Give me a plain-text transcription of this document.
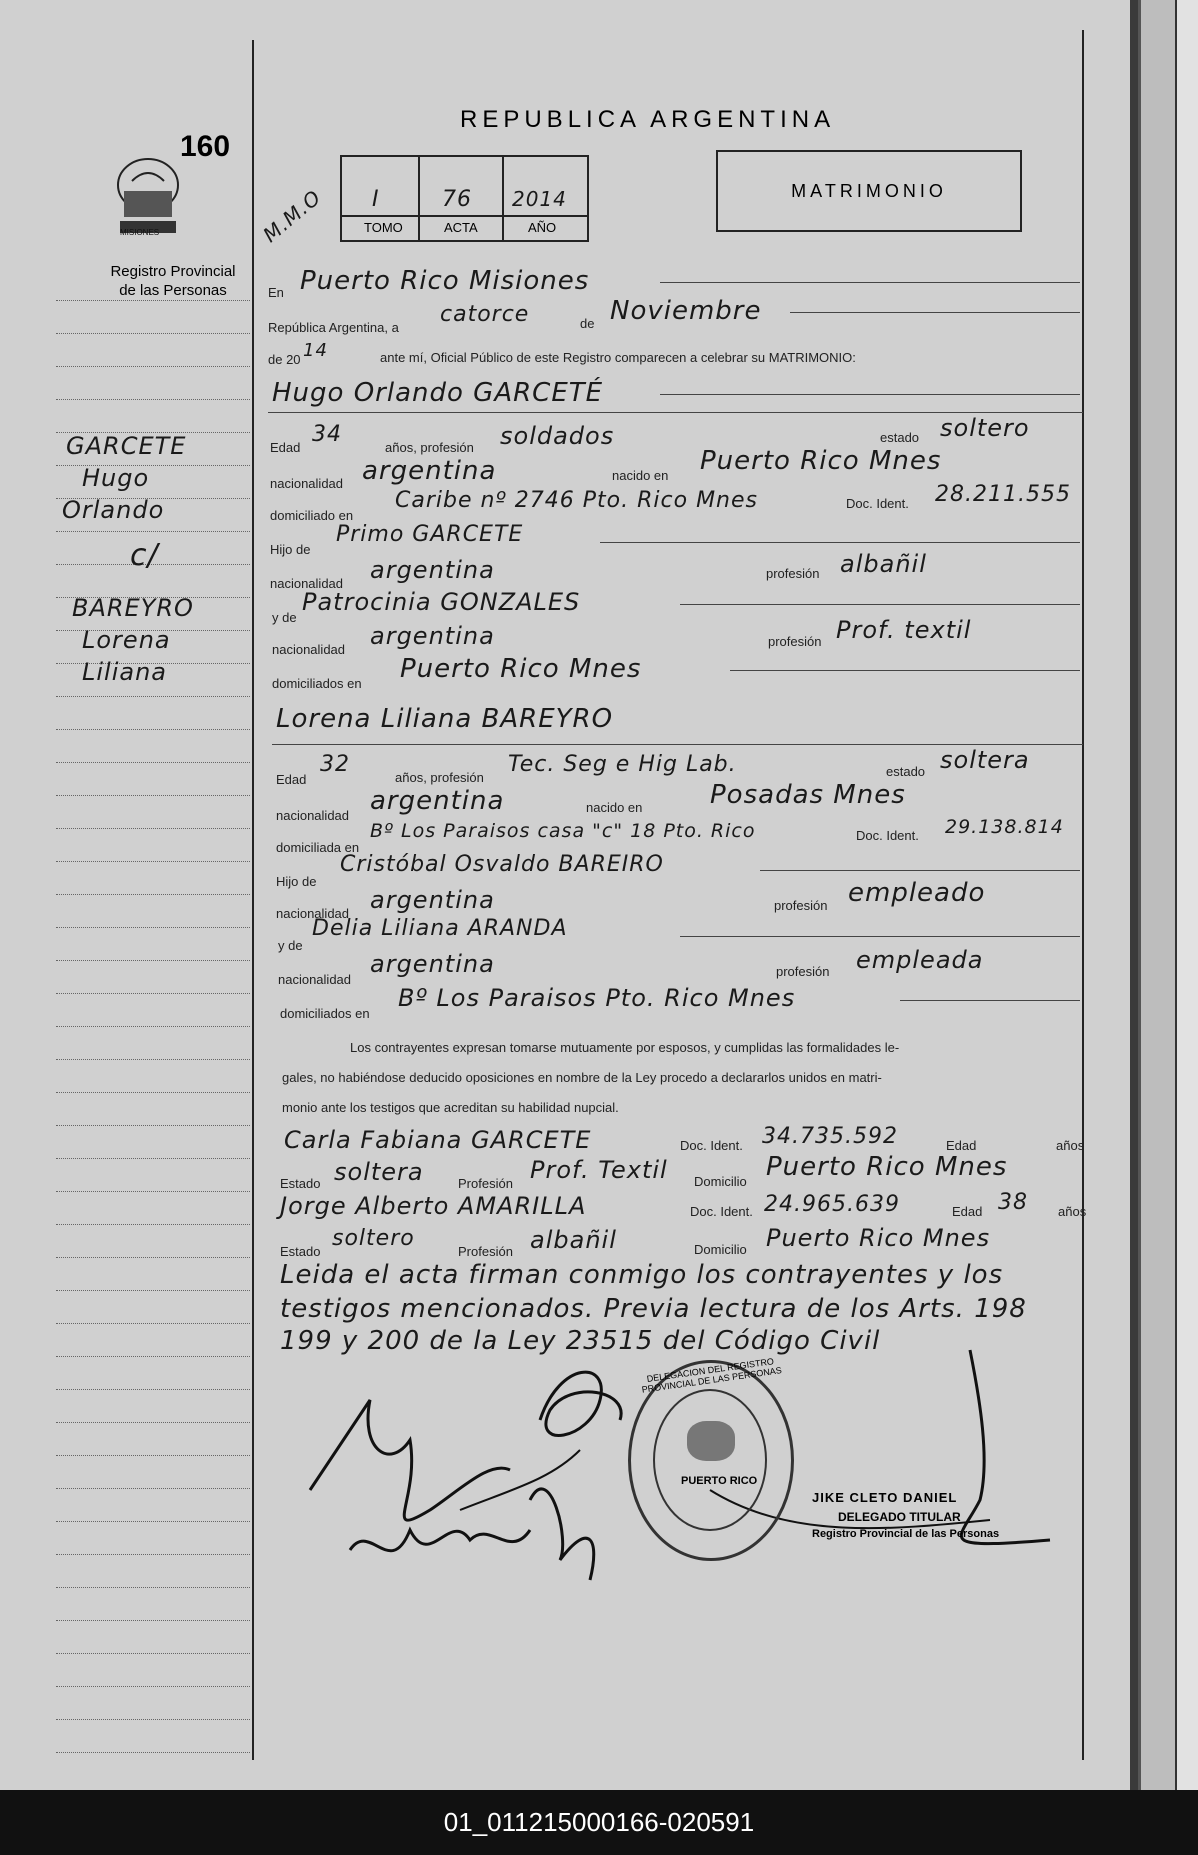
160
MISIONES
Registro Provincial
de las Personas
REPUBLICA ARGENTINA
M.M.O I	76 2014
TOMO	ACTA	AÑO
MATRIMONIO
GARCETE
Hugo
Orlando
c/
BAREYRO
Lorena
Liliana
En Puerto Rico Misiones
República Argentina, a
catorce	de Noviembre
de 20 14	ante mí, Oficial Público de este Registro comparecen a celebrar su MATRIMONIO:
Hugo Orlando GARCETÉ
Edad
34
años, profesión soldados	estado soltero
nacionalidad argentina	nacido en Puerto Rico Mnes
domiciliado en
Caribe nº 2746 Pto. Rico Mnes	Doc. Ident. 28.211.555
Hijo de
Primo GARCETE
nacionalidad argentina	profesión albañil
y de
Patrocinia GONZALES
nacionalidad argentina	profesión Prof. textil
domiciliados en Puerto Rico Mnes
Lorena Liliana BAREYRO
Edad
32
años, profesión
Tec. Seg e Hig Lab.	estado soltera
nacionalidad argentina	nacido en	Posadas Mnes
domiciliada en
Bº Los Paraisos casa "c" 18 Pto. Rico	Doc. Ident. 29.138.814
Hijo de
Cristóbal Osvaldo BAREIRO
nacionalidad argentina	profesión empleado
y de
Delia Liliana ARANDA
nacionalidad
argentina	profesión empleada
domiciliados en
Bº Los Paraisos Pto. Rico Mnes
Los contrayentes expresan tomarse mutuamente por esposos, y cumplidas las formalidades le-
gales, no habiéndose deducido oposiciones en nombre de la Ley procedo a declararlos unidos en matri-
monio ante los testigos que acreditan su habilidad nupcial.
Carla Fabiana GARCETE	Doc. Ident. 34.735.592	Edad	años
Estado soltera	Profesión Prof. Textil Domicilio Puerto Rico Mnes
Jorge Alberto AMARILLA	Doc. Ident. 24.965.639	Edad 38 años
Estado
soltero
Profesión albañil	Domicilio Puerto Rico Mnes
Leida el acta firman conmigo los contrayentes y los
testigos mencionados. Previa lectura de los Arts. 198
199 y 200 de la Ley 23515 del Código Civil
DELEGACION DEL REGISTRO PROVINCIAL DE LAS PERSONAS
PUERTO RICO
JIKE CLETO DANIEL
DELEGADO TITULAR
Registro Provincial de las Personas
01_011215000166-020591
